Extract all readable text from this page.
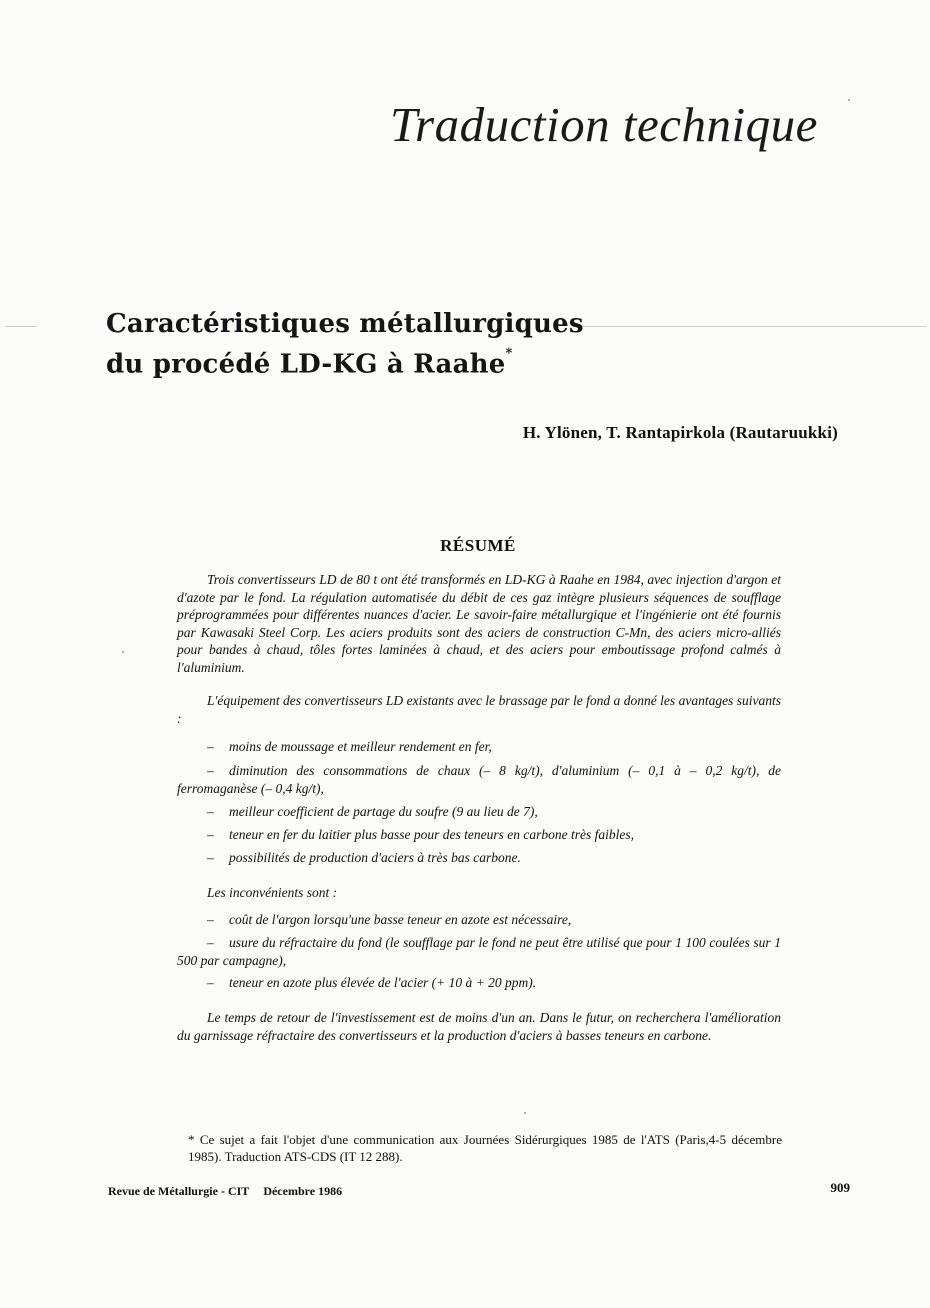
Traduction technique
Caractéristiques métallurgiques
du procédé LD-KG à Raahe*
H. Ylönen, T. Rantapirkola (Rautaruukki)
RÉSUMÉ
Trois convertisseurs LD de 80 t ont été transformés en LD-KG à Raahe en 1984, avec injection d'argon et d'azote par le fond. La régulation automatisée du débit de ces gaz intègre plusieurs séquences de soufflage préprogrammées pour différentes nuances d'acier. Le savoir-faire métallurgique et l'ingénierie ont été fournis par Kawasaki Steel Corp. Les aciers produits sont des aciers de construction C-Mn, des aciers micro-alliés pour bandes à chaud, tôles fortes laminées à chaud, et des aciers pour emboutissage profond calmés à l'aluminium.
L'équipement des convertisseurs LD existants avec le brassage par le fond a donné les avantages suivants :
– moins de moussage et meilleur rendement en fer,
– diminution des consommations de chaux (– 8 kg/t), d'aluminium (– 0,1 à – 0,2 kg/t), de ferromaganèse (– 0,4 kg/t),
– meilleur coefficient de partage du soufre (9 au lieu de 7),
– teneur en fer du laitier plus basse pour des teneurs en carbone très faibles,
– possibilités de production d'aciers à très bas carbone.
Les inconvénients sont :
– coût de l'argon lorsqu'une basse teneur en azote est nécessaire,
– usure du réfractaire du fond (le soufflage par le fond ne peut être utilisé que pour 1 100 coulées sur 1 500 par campagne),
– teneur en azote plus élevée de l'acier (+ 10 à + 20 ppm).
Le temps de retour de l'investissement est de moins d'un an. Dans le futur, on recherchera l'amélioration du garnissage réfractaire des convertisseurs et la production d'aciers à basses teneurs en carbone.
* Ce sujet a fait l'objet d'une communication aux Journées Sidérurgiques 1985 de l'ATS (Paris,4-5 décembre 1985). Traduction ATS-CDS (IT 12 288).
Revue de Métallurgie - CIT Décembre 1986	909
